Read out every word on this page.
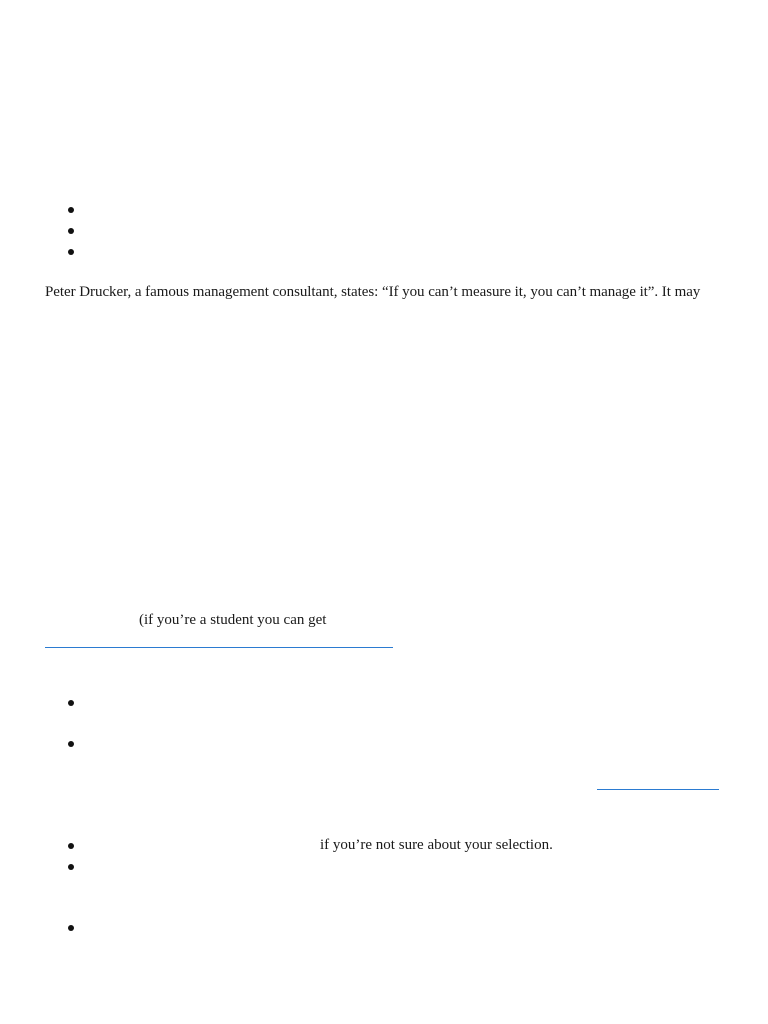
Peter Drucker, a famous management consultant, states: “If you can’t measure it, you can’t manage it”. It may
(if you’re a student you can get
if you’re not sure about your selection.
